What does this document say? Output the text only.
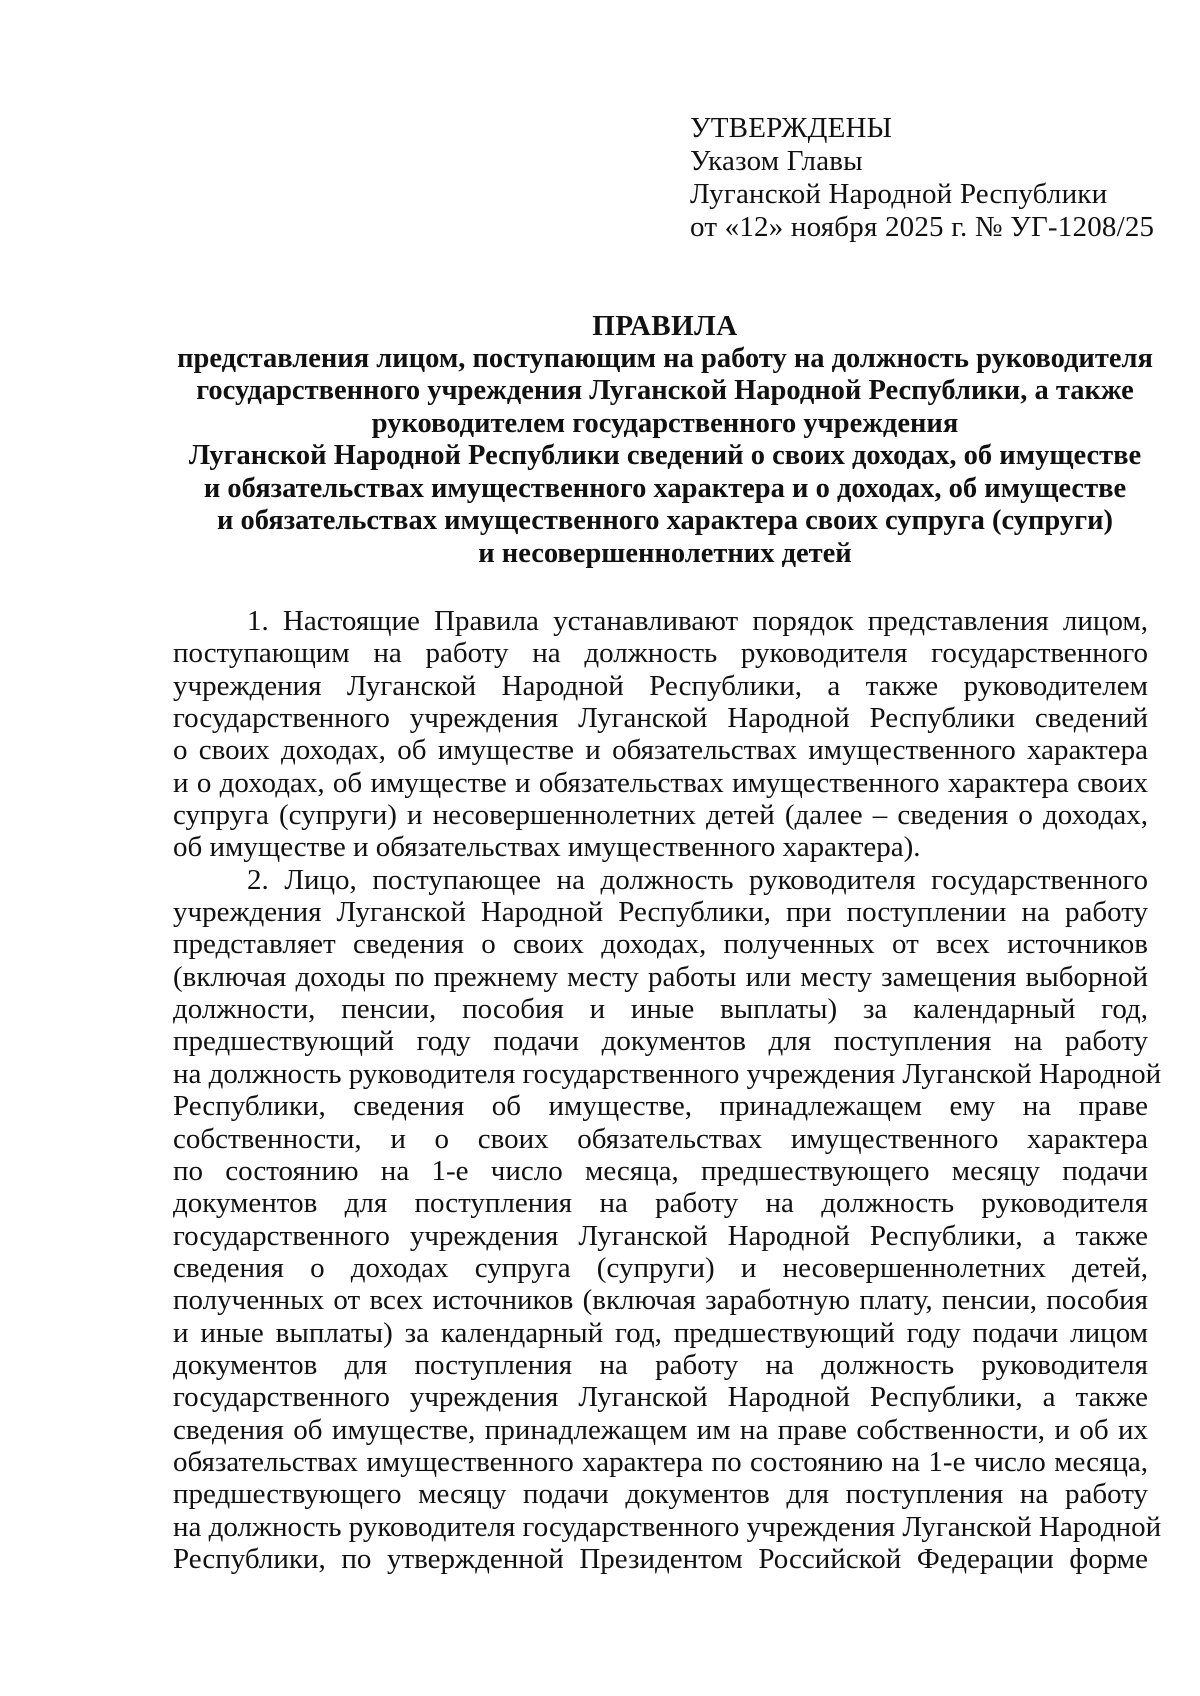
УТВЕРЖДЕНЫ
Указом Главы
Луганской Народной Республики
от «12» ноября 2025 г. № УГ-1208/25
ПРАВИЛА
представления лицом, поступающим на работу на должность руководителя
государственного учреждения Луганской Народной Республики, а также
руководителем государственного учреждения
Луганской Народной Республики сведений о своих доходах, об имуществе
и обязательствах имущественного характера и о доходах, об имуществе
и обязательствах имущественного характера своих супруга (супруги)
и несовершеннолетних детей
1. Настоящие Правила устанавливают порядок представления лицом,
поступающим на работу на должность руководителя государственного
учреждения Луганской Народной Республики, а также руководителем
государственного учреждения Луганской Народной Республики сведений
о своих доходах, об имуществе и обязательствах имущественного характера
и о доходах, об имуществе и обязательствах имущественного характера своих
супруга (супруги) и несовершеннолетних детей (далее – сведения о доходах,
об имуществе и обязательствах имущественного характера).
2. Лицо, поступающее на должность руководителя государственного
учреждения Луганской Народной Республики, при поступлении на работу
представляет сведения о своих доходах, полученных от всех источников
(включая доходы по прежнему месту работы или месту замещения выборной
должности, пенсии, пособия и иные выплаты) за календарный год,
предшествующий году подачи документов для поступления на работу
на должность руководителя государственного учреждения Луганской Народной
Республики, сведения об имуществе, принадлежащем ему на праве
собственности, и о своих обязательствах имущественного характера
по состоянию на 1-е число месяца, предшествующего месяцу подачи
документов для поступления на работу на должность руководителя
государственного учреждения Луганской Народной Республики, а также
сведения о доходах супруга (супруги) и несовершеннолетних детей,
полученных от всех источников (включая заработную плату, пенсии, пособия
и иные выплаты) за календарный год, предшествующий году подачи лицом
документов для поступления на работу на должность руководителя
государственного учреждения Луганской Народной Республики, а также
сведения об имуществе, принадлежащем им на праве собственности, и об их
обязательствах имущественного характера по состоянию на 1-е число месяца,
предшествующего месяцу подачи документов для поступления на работу
на должность руководителя государственного учреждения Луганской Народной
Республики, по утвержденной Президентом Российской Федерации форме
